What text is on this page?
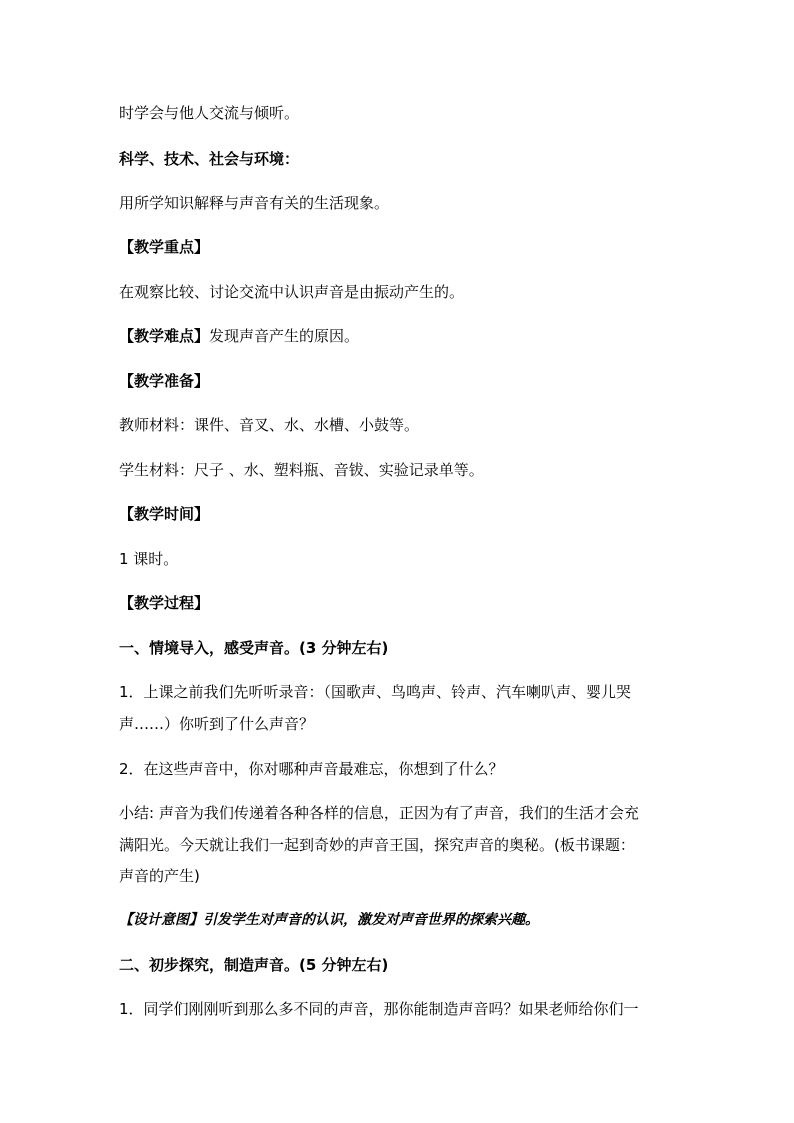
时学会与他人交流与倾听。
科学、技术、社会与环境：
用所学知识解释与声音有关的生活现象。
【教学重点】
在观察比较、讨论交流中认识声音是由振动产生的。
【教学难点】发现声音产生的原因。
【教学准备】
教师材料：课件、音叉、水、水槽、小鼓等。
学生材料：尺子 、水、塑料瓶、音钹、实验记录单等。
【教学时间】
1 课时。
【教学过程】
一、情境导入，感受声音。(3 分钟左右)
1．上课之前我们先听听录音：（国歌声、鸟鸣声、铃声、汽车喇叭声、婴儿哭
声……）你听到了什么声音？
2．在这些声音中，你对哪种声音最难忘，你想到了什么？
小结: 声音为我们传递着各种各样的信息，正因为有了声音，我们的生活才会充
满阳光。今天就让我们一起到奇妙的声音王国，探究声音的奥秘。(板书课题：
声音的产生)
【设计意图】引发学生对声音的认识，激发对声音世界的探索兴趣。
二、初步探究，制造声音。(5 分钟左右)
1．同学们刚刚听到那么多不同的声音，那你能制造声音吗？如果老师给你们一
